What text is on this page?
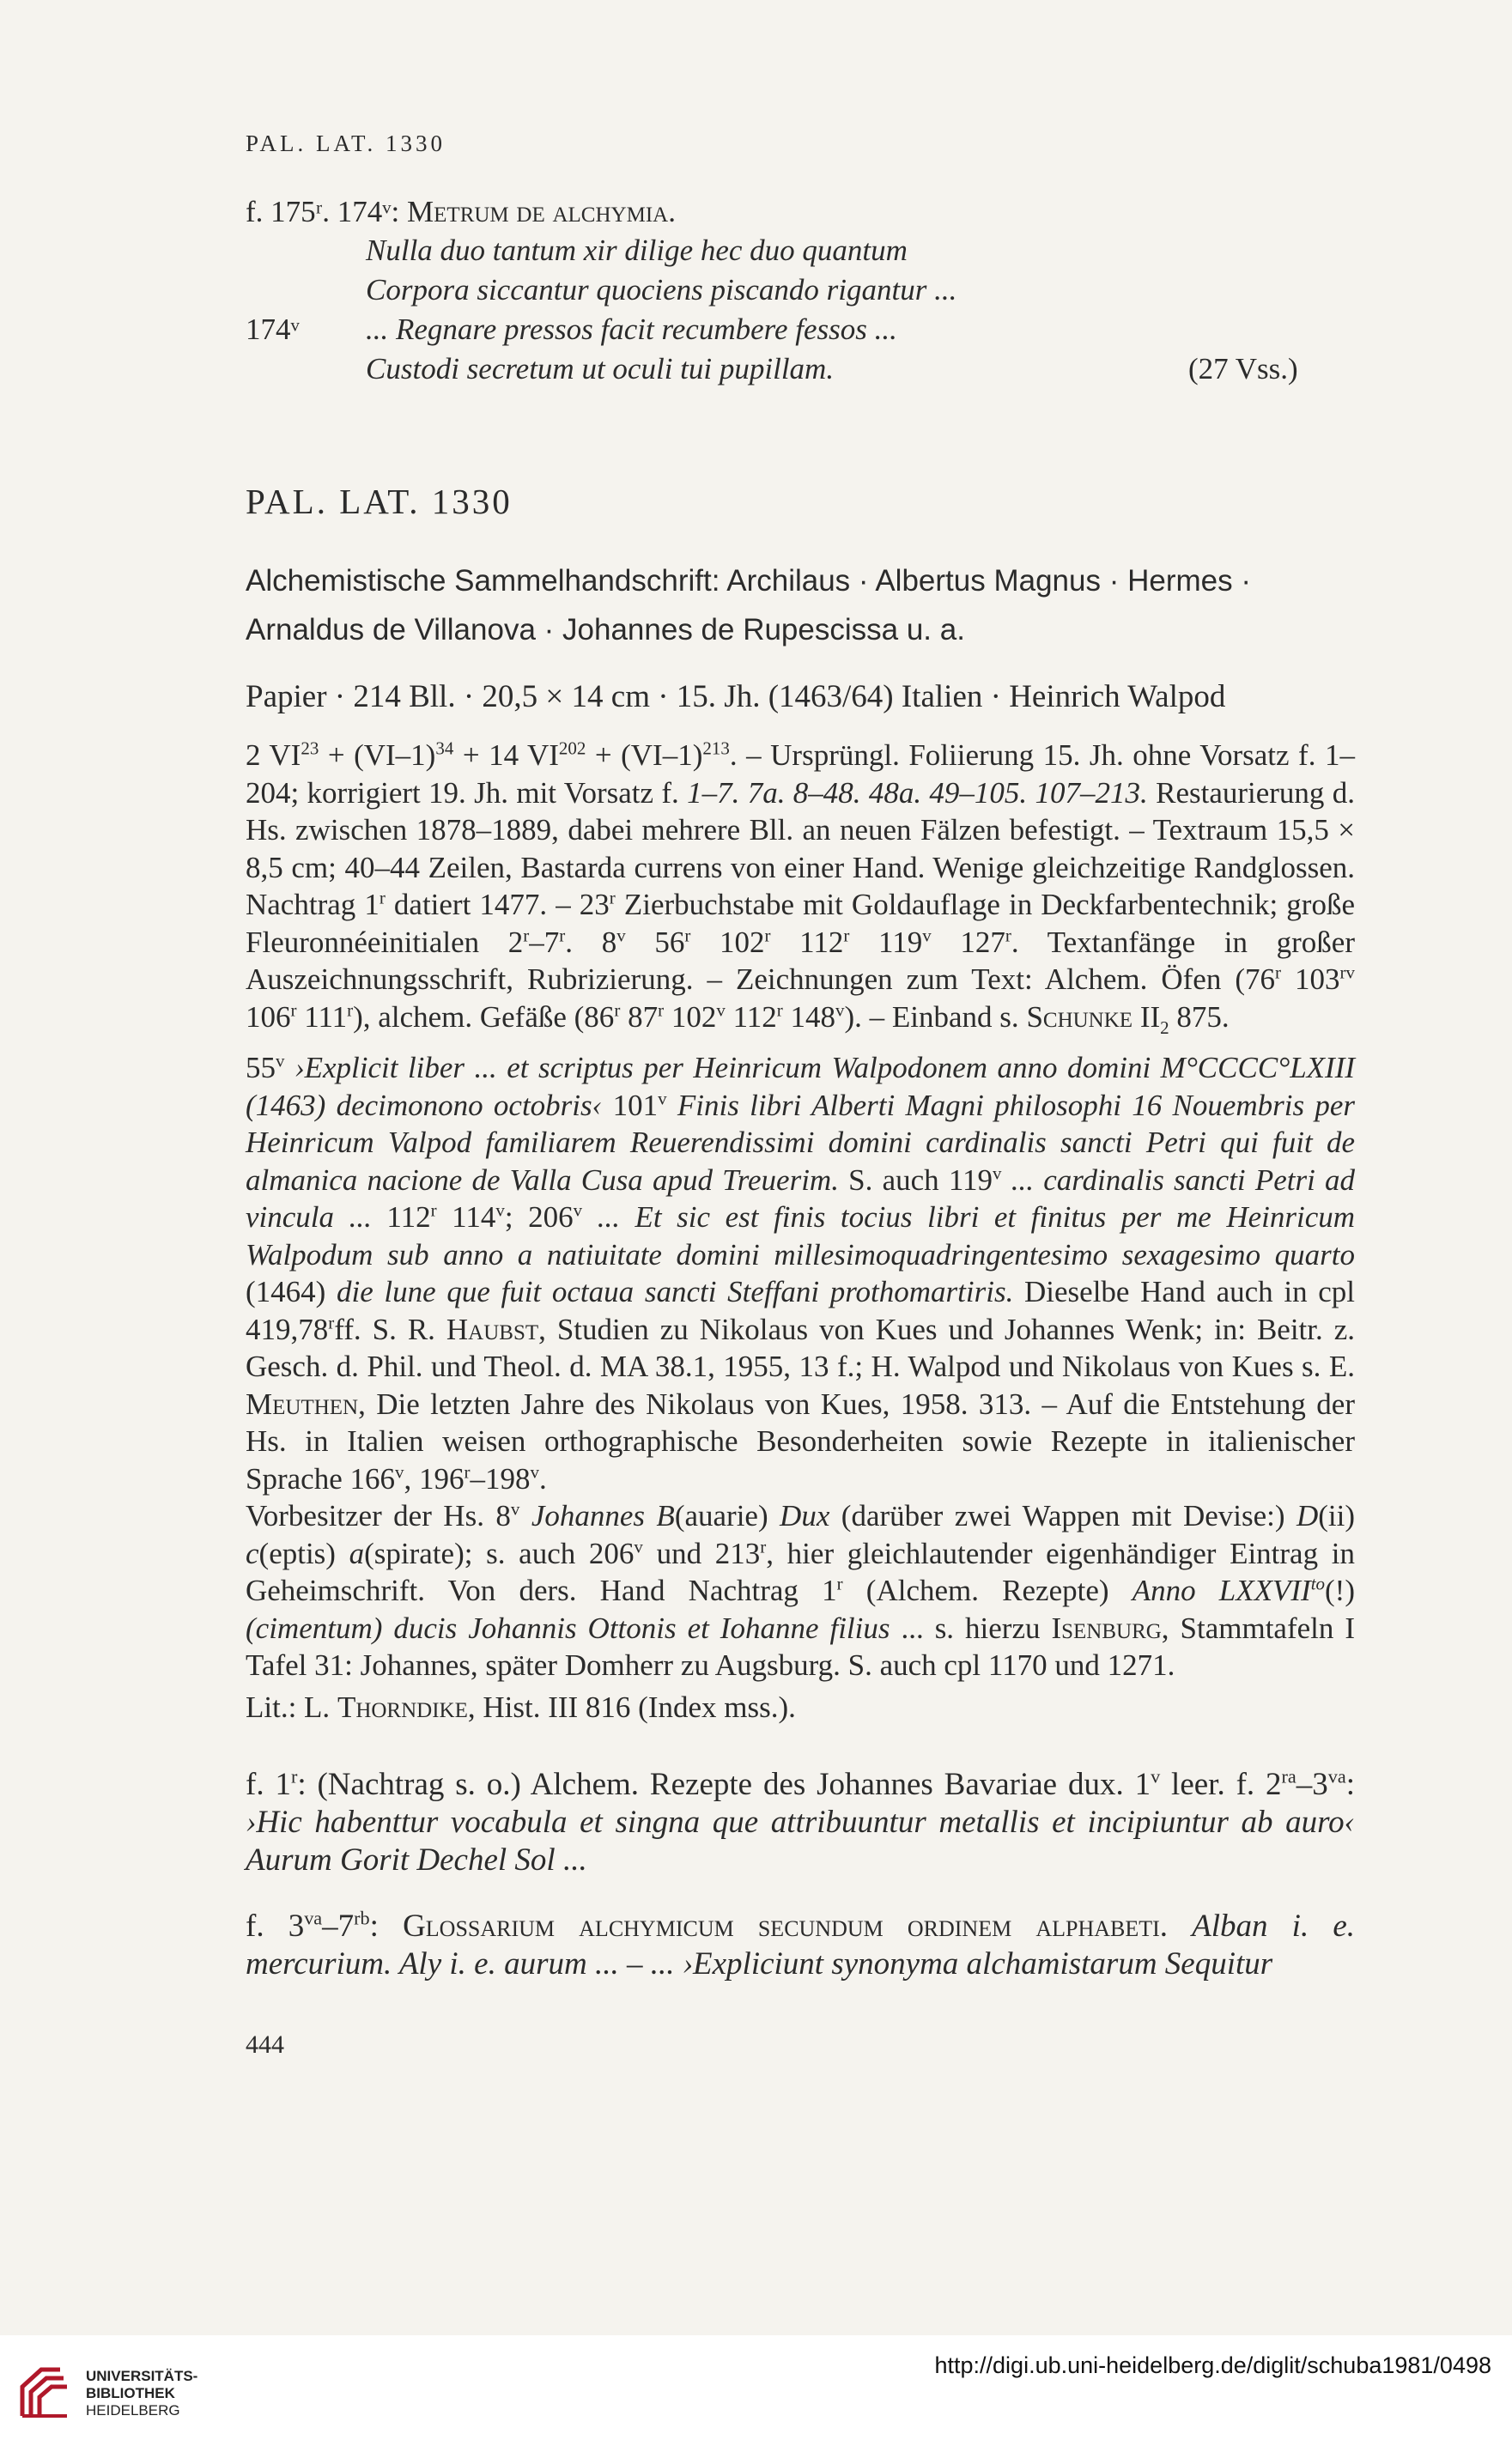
PAL. LAT. 1330

f. 175ʳ. 174ᵛ: Metrum de alchymia.

Nulla duo tantum xir dilige hec duo quantum
Corpora siccantur quociens piscando rigantur ...
174ᵛ	... Regnare pressos facit recumbere fessos ...
Custodi secretum ut oculi tui pupillam.	(27 Vss.)
PAL. LAT. 1330
Alchemistische Sammelhandschrift: Archilaus · Albertus Magnus · Hermes · Arnaldus de Villanova · Johannes de Rupescissa u. a.
Papier · 214 Bll. · 20,5 × 14 cm · 15. Jh. (1463/64) Italien · Heinrich Walpod

2 $VI^{23} + (VI-1)^{34} + 14$ $VI^{202} + (VI-1)^{213}$. – Ursprüngl. Foliierung 15. Jh. ohne Vorsatz f. 1–204; korrigiert 19. Jh. mit Vorsatz f. 1–7. 7a. 8–48. 48a. 49–105. 107–213. Restaurierung d. Hs. zwischen 1878–1889, dabei mehrere Bll. an neuen Fälzen befestigt. – Textraum 15,5 × 8,5 cm; 40–44 Zeilen, Bastarda currens von einer Hand. Wenige gleichzeitige Randglossen. Nachtrag 1$^r$ datiert 1477. – 23$^r$ Zierbuchstabe mit Goldauflage in Deckfarbentechnik; große Fleuronnéeinitialen 2$^r$–7$^r$. 8$^v$ 56$^r$ 102$^r$ 112$^r$ 119$^v$ 127$^r$. Textanfänge in großer Auszeichnungsschrift, Rubrizierung. – Zeichnungen zum Text: Alchem. Öfen (76$^r$ $103^{rv}$ 106$^r$ 111$^r$), alchem. Gefäße (86$^r$ 87$^r$ 102$^v$ 112$^r$ 148$^v$). – Einband s. Schunke $II_2$ 875.

55$^v$ ›Explicit liber ... et scriptus per Heinricum Walpodonem anno domini M°CCCC°LXIII (1463) decimonono octobris‹ 101$^v$ Finis libri Alberti Magni philosophi 16 Nouembris per Heinricum Valpod familiarem Reuerendissimi domini cardinalis sancti Petri qui fuit de almanica nacione de Valla Cusa apud Treuerim. S. auch 119$^v$ ... cardinalis sancti Petri ad vincula ... 112$^r$ 114$^v$; 206$^v$ ... Et sic est finis tocius libri et finitus per me Heinricum Walpodum sub anno a natiuitate domini millesimoquadringentesimo sexagesimo quarto (1464) die lune que fuit octaua sancti Steffani prothomartiris. Dieselbe Hand auch in cpl 419,78$^r$ff. S. R. Haubst, Studien zu Nikolaus von Kues und Johannes Wenk; in: Beitr. z. Gesch. d. Phil. und Theol. d. MA 38.1, 1955, 13 f.; H. Walpod und Nikolaus von Kues s. E. Meuthen, Die letzten Jahre des Nikolaus von Kues, 1958. 313. – Auf die Entstehung der Hs. in Italien weisen orthographische Besonderheiten sowie Rezepte in italienischer Sprache 166$^v$, 196$^r$–198$^v$.

Vorbesitzer der Hs. 8$^v$ Johannes B(auarie) Dux (darüber zwei Wappen mit Devise:) D(ii) c(eptis) a(spirate); s. auch 206$^v$ und 213$^r$, hier gleichlautender eigenhändiger Eintrag in Geheimschrift. Von ders. Hand Nachtrag 1$^r$ (Alchem. Rezepte) Anno $LXXVII^{to}(!)$ (cimentum) ducis Johannis Ottonis et Iohanne filius ... s. hierzu Isenburg, Stammtafeln I Tafel 31: Johannes, später Domherr zu Augsburg. S. auch cpl 1170 und 1271.

Lit.: L. Thorndike, Hist. III 816 (Index mss.).

f. 1$^r$: (Nachtrag s. o.) Alchem. Rezepte des Johannes Bavariae dux. 1$^v$ leer. f. $2^{ra}-3^{va}$: ›Hic habenttur vocabula et singna que attribuuntur metallis et incipiuntur ab auro‹ Aurum Gorit Dechel Sol ...

f. $3^{va}-7^{rb}$: Glossarium alchymicum secundum ordinem alphabeti. Alban i. e. mercurium. Aly i. e. aurum ... – ... ›Expliciunt synonyma alchamistarum Sequitur

444
UNIVERSITÄTS-
BIBLIOTHEK
HEIDELBERG
http://digi.ub.uni-heidelberg.de/diglit/schuba1981/0498
